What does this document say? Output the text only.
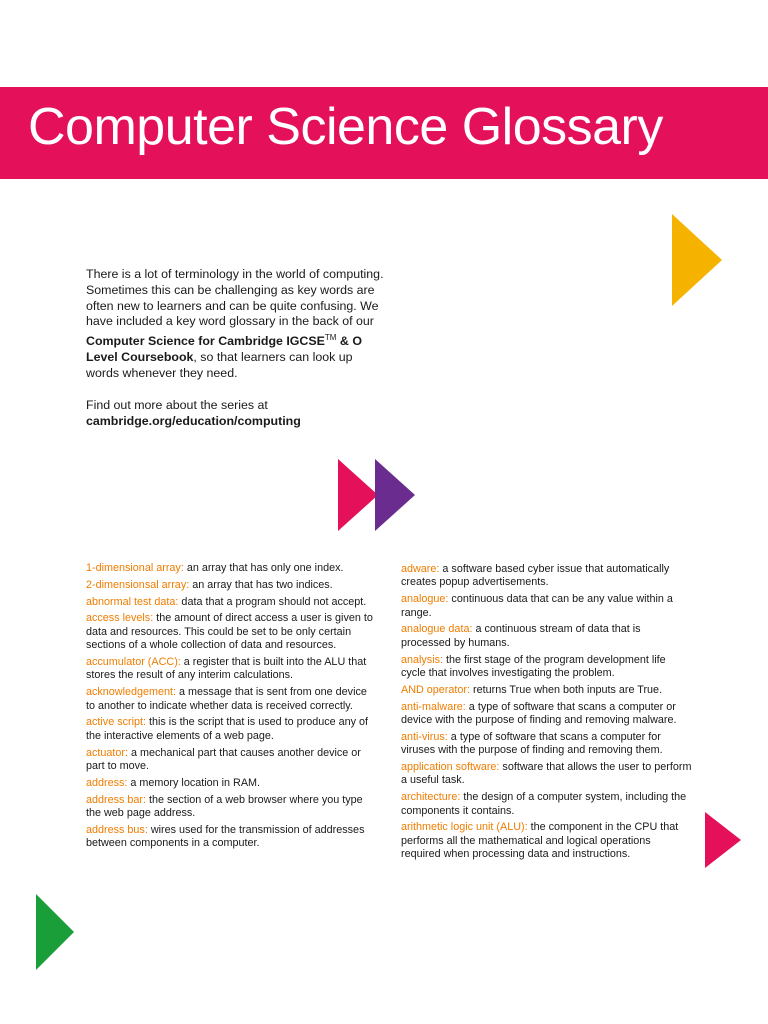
Computer Science Glossary

There is a lot of terminology in the world of computing. Sometimes this can be challenging as key words are often new to learners and can be quite confusing. We have included a key word glossary in the back of our Computer Science for Cambridge IGCSE™ & O Level Coursebook, so that learners can look up words whenever they need.

Find out more about the series at
cambridge.org/education/computing

1-dimensional array: an array that has only one index.

2-dimensionsal array: an array that has two indices.

abnormal test data: data that a program should not accept.

access levels: the amount of direct access a user is given to data and resources. This could be set to be only certain sections of a whole collection of data and resources.

accumulator (ACC): a register that is built into the ALU that stores the result of any interim calculations.

acknowledgement: a message that is sent from one device to another to indicate whether data is received correctly.

active script: this is the script that is used to produce any of the interactive elements of a web page.

actuator: a mechanical part that causes another device or part to move.

address: a memory location in RAM.

address bar: the section of a web browser where you type the web page address.

address bus: wires used for the transmission of addresses between components in a computer.

adware: a software based cyber issue that automatically creates popup advertisements.

analogue: continuous data that can be any value within a range.

analogue data: a continuous stream of data that is processed by humans.

analysis: the first stage of the program development life cycle that involves investigating the problem.

AND operator: returns True when both inputs are True.

anti-malware: a type of software that scans a computer or device with the purpose of finding and removing malware.

anti-virus: a type of software that scans a computer for viruses with the purpose of finding and removing them.

application software: software that allows the user to perform a useful task.

architecture: the design of a computer system, including the components it contains.

arithmetic logic unit (ALU): the component in the CPU that performs all the mathematical and logical operations required when processing data and instructions.
